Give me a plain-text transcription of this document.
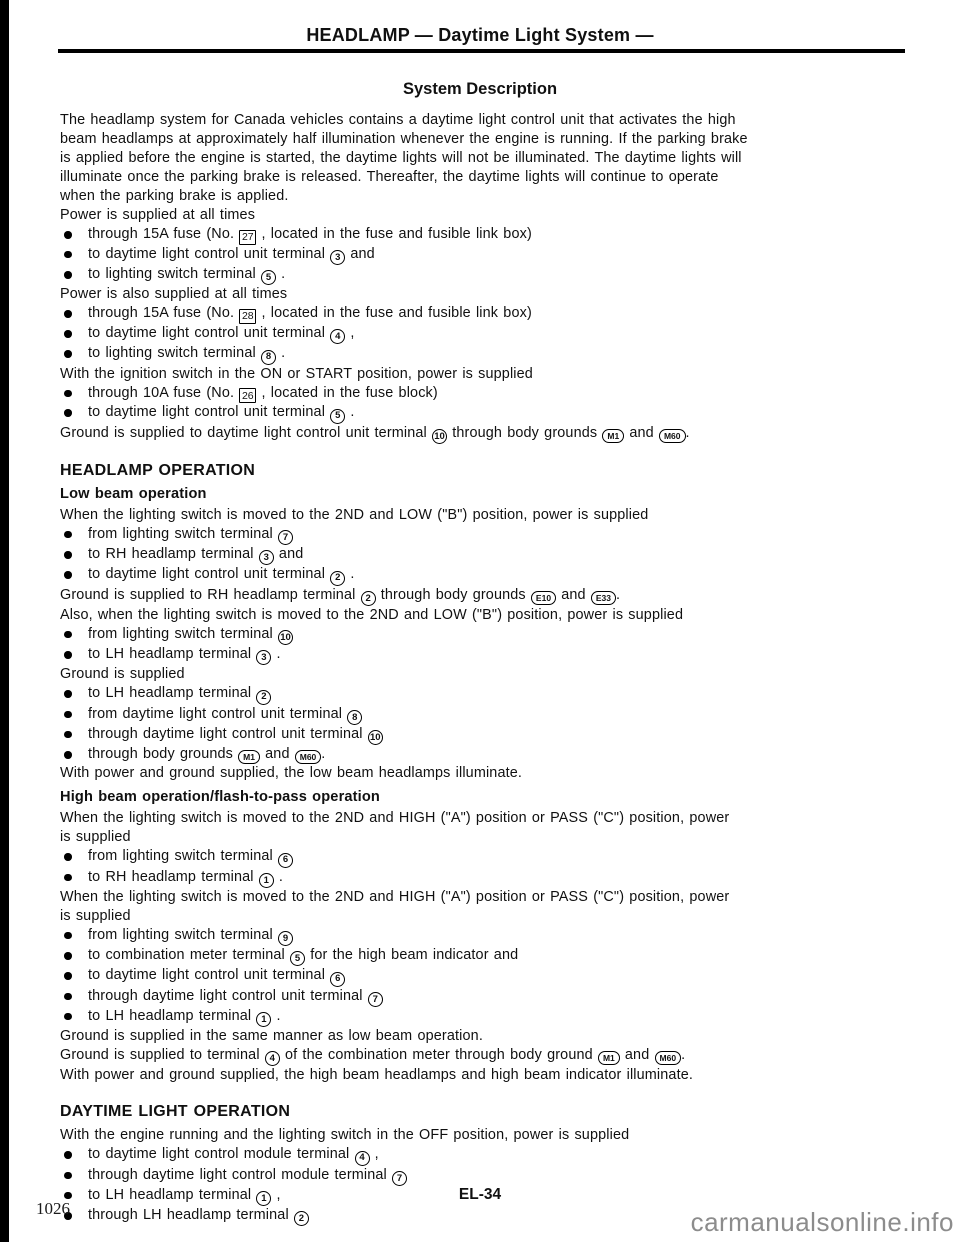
HEADLAMP — Daytime Light System —
System Description
The headlamp system for Canada vehicles contains a daytime light control unit that activates the high
beam headlamps at approximately half illumination whenever the engine is running. If the parking brake
is applied before the engine is started, the daytime lights will not be illuminated. The daytime lights will
illuminate once the parking brake is released. Thereafter, the daytime lights will continue to operate
when the parking brake is applied.
Power is supplied at all times
through 15A fuse (No. 27 , located in the fuse and fusible link box)
to daytime light control unit terminal 3 and
to lighting switch terminal 5 .
Power is also supplied at all times
through 15A fuse (No. 28 , located in the fuse and fusible link box)
to daytime light control unit terminal 4 ,
to lighting switch terminal 8 .
With the ignition switch in the ON or START position, power is supplied
through 10A fuse (No. 26 , located in the fuse block)
to daytime light control unit terminal 5 .
Ground is supplied to daytime light control unit terminal 10 through body grounds M1 and M60 .
HEADLAMP OPERATION
Low beam operation
When the lighting switch is moved to the 2ND and LOW ("B") position, power is supplied
from lighting switch terminal 7
to RH headlamp terminal 3 and
to daytime light control unit terminal 2 .
Ground is supplied to RH headlamp terminal 2 through body grounds E10 and E33 .
Also, when the lighting switch is moved to the 2ND and LOW ("B") position, power is supplied
from lighting switch terminal 10
to LH headlamp terminal 3 .
Ground is supplied
to LH headlamp terminal 2
from daytime light control unit terminal 8
through daytime light control unit terminal 10
through body grounds M1 and M60 .
With power and ground supplied, the low beam headlamps illuminate.
High beam operation/flash-to-pass operation
When the lighting switch is moved to the 2ND and HIGH ("A") position or PASS ("C") position, power
is supplied
from lighting switch terminal 6
to RH headlamp terminal 1 .
When the lighting switch is moved to the 2ND and HIGH ("A") position or PASS ("C") position, power
is supplied
from lighting switch terminal 9
to combination meter terminal 5 for the high beam indicator and
to daytime light control unit terminal 6
through daytime light control unit terminal 7
to LH headlamp terminal 1 .
Ground is supplied in the same manner as low beam operation.
Ground is supplied to terminal 4 of the combination meter through body ground M1 and M60 .
With power and ground supplied, the high beam headlamps and high beam indicator illuminate.
DAYTIME LIGHT OPERATION
With the engine running and the lighting switch in the OFF position, power is supplied
to daytime light control module terminal 4 ,
through daytime light control module terminal 7
to LH headlamp terminal 1 ,
through LH headlamp terminal 2
EL-34
1026	carmanualsonline.info
